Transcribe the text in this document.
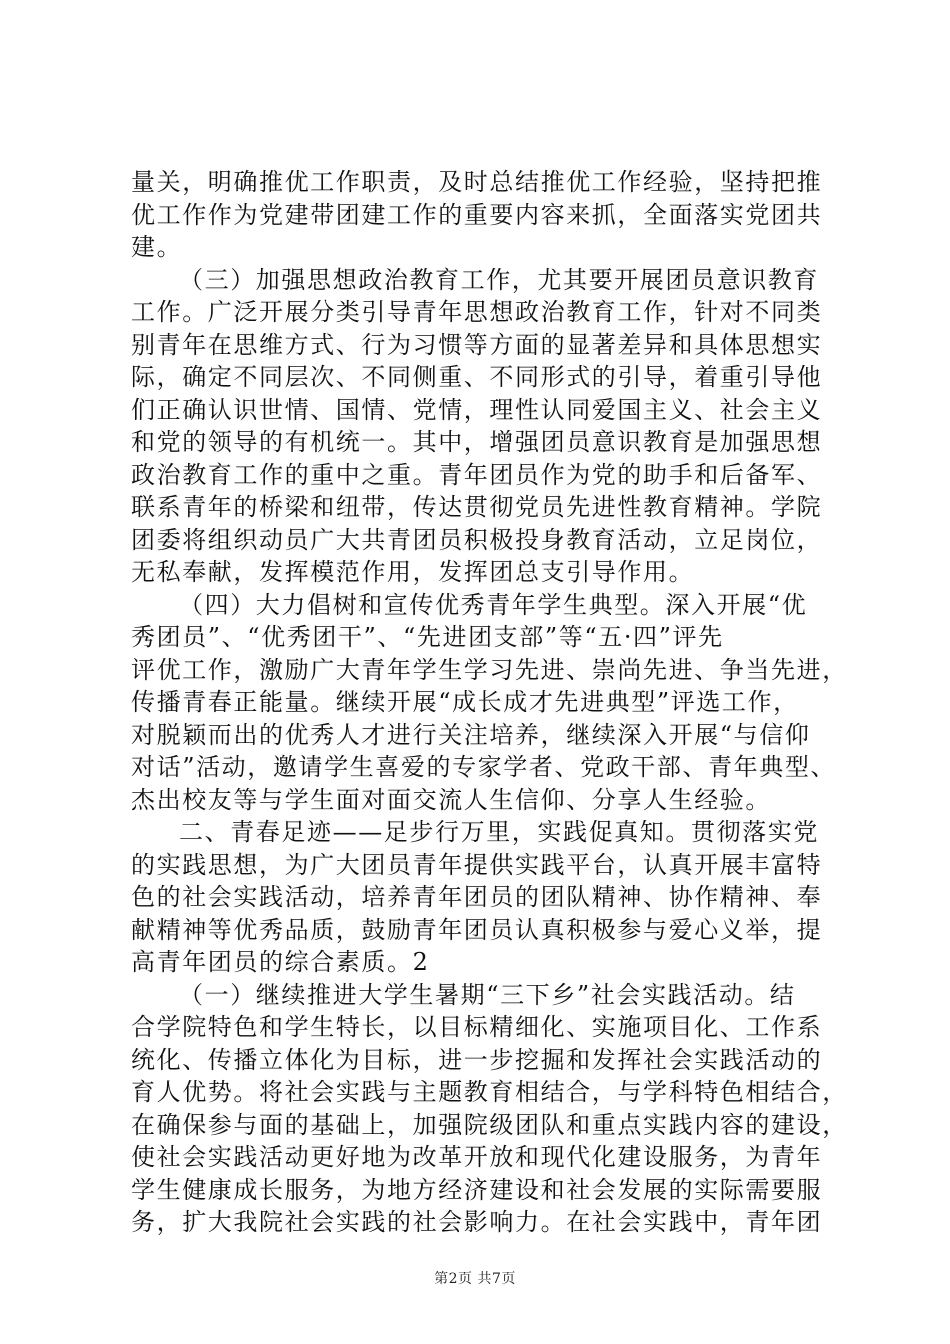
量关，明确推优工作职责，及时总结推优工作经验，坚持把推
优工作作为党建带团建工作的重要内容来抓，全面落实党团共
建。
（三）加强思想政治教育工作，尤其要开展团员意识教育
工作。广泛开展分类引导青年思想政治教育工作，针对不同类
别青年在思维方式、行为习惯等方面的显著差异和具体思想实
际，确定不同层次、不同侧重、不同形式的引导，着重引导他
们正确认识世情、国情、党情，理性认同爱国主义、社会主义
和党的领导的有机统一。其中，增强团员意识教育是加强思想
政治教育工作的重中之重。青年团员作为党的助手和后备军、
联系青年的桥梁和纽带，传达贯彻党员先进性教育精神。学院
团委将组织动员广大共青团员积极投身教育活动，立足岗位，
无私奉献，发挥模范作用，发挥团总支引导作用。
（四）大力倡树和宣传优秀青年学生典型。深入开展“优
秀团员”、“优秀团干”、“先进团支部”等“五·四”评先
评优工作，激励广大青年学生学习先进、崇尚先进、争当先进，
传播青春正能量。继续开展“成长成才先进典型”评选工作，
对脱颖而出的优秀人才进行关注培养，继续深入开展“与信仰
对话”活动，邀请学生喜爱的专家学者、党政干部、青年典型、
杰出校友等与学生面对面交流人生信仰、分享人生经验。
二、青春足迹——足步行万里，实践促真知。贯彻落实党
的实践思想，为广大团员青年提供实践平台，认真开展丰富特
色的社会实践活动，培养青年团员的团队精神、协作精神、奉
献精神等优秀品质，鼓励青年团员认真积极参与爱心义举，提
高青年团员的综合素质。2
（一）继续推进大学生暑期“三下乡”社会实践活动。结
合学院特色和学生特长，以目标精细化、实施项目化、工作系
统化、传播立体化为目标，进一步挖掘和发挥社会实践活动的
育人优势。将社会实践与主题教育相结合，与学科特色相结合，
在确保参与面的基础上，加强院级团队和重点实践内容的建设，
使社会实践活动更好地为改革开放和现代化建设服务，为青年
学生健康成长服务，为地方经济建设和社会发展的实际需要服
务，扩大我院社会实践的社会影响力。在社会实践中，青年团
第2页 共7页
